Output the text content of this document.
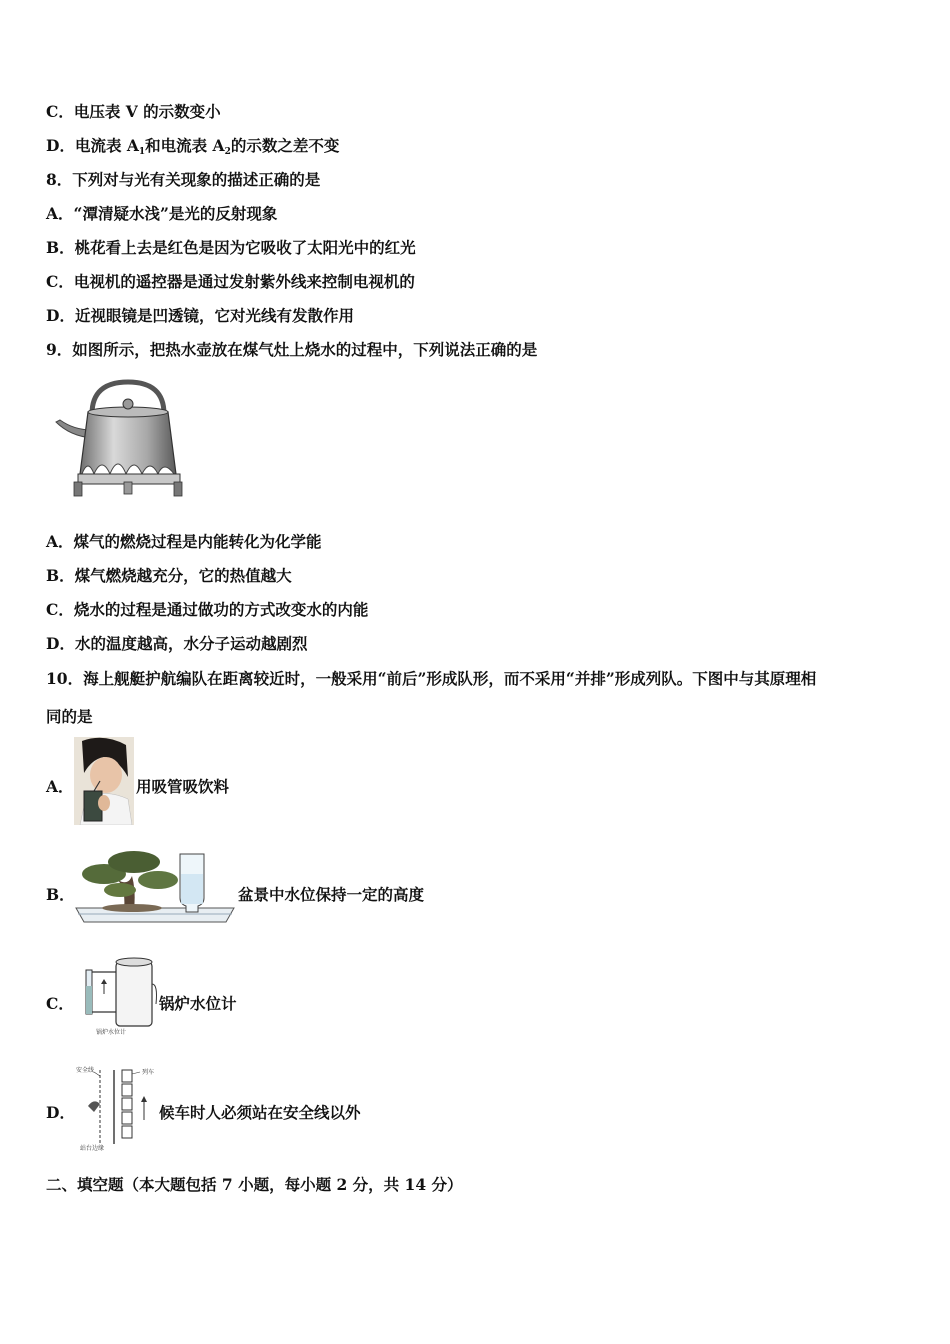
C．电压表 V 的示数变小
D．电流表 $A_1$和电流表 $A_2$的示数之差不变
8．下列对与光有关现象的描述正确的是
A．“潭清疑水浅”是光的反射现象
B．桃花看上去是红色是因为它吸收了太阳光中的红光
C．电视机的遥控器是通过发射紫外线来控制电视机的
D．近视眼镜是凹透镜，它对光线有发散作用
9．如图所示，把热水壶放在煤气灶上烧水的过程中，下列说法正确的是
A．煤气的燃烧过程是内能转化为化学能
B．煤气燃烧越充分，它的热值越大
C．烧水的过程是通过做功的方式改变水的内能
D．水的温度越高，水分子运动越剧烈
10．海上舰艇护航编队在距离较近时，一般采用“前后”形成队形，而不采用“并排”形成列队。下图中与其原理相
同的是
A．	用吸管吸饮料
B．	盆景中水位保持一定的高度
C．
锅炉水位计
锅炉水位计
D．
安全线	列车
站台边缘
候车时人必须站在安全线以外
二、填空题（本大题包括 7 小题，每小题 2 分，共 14 分）
